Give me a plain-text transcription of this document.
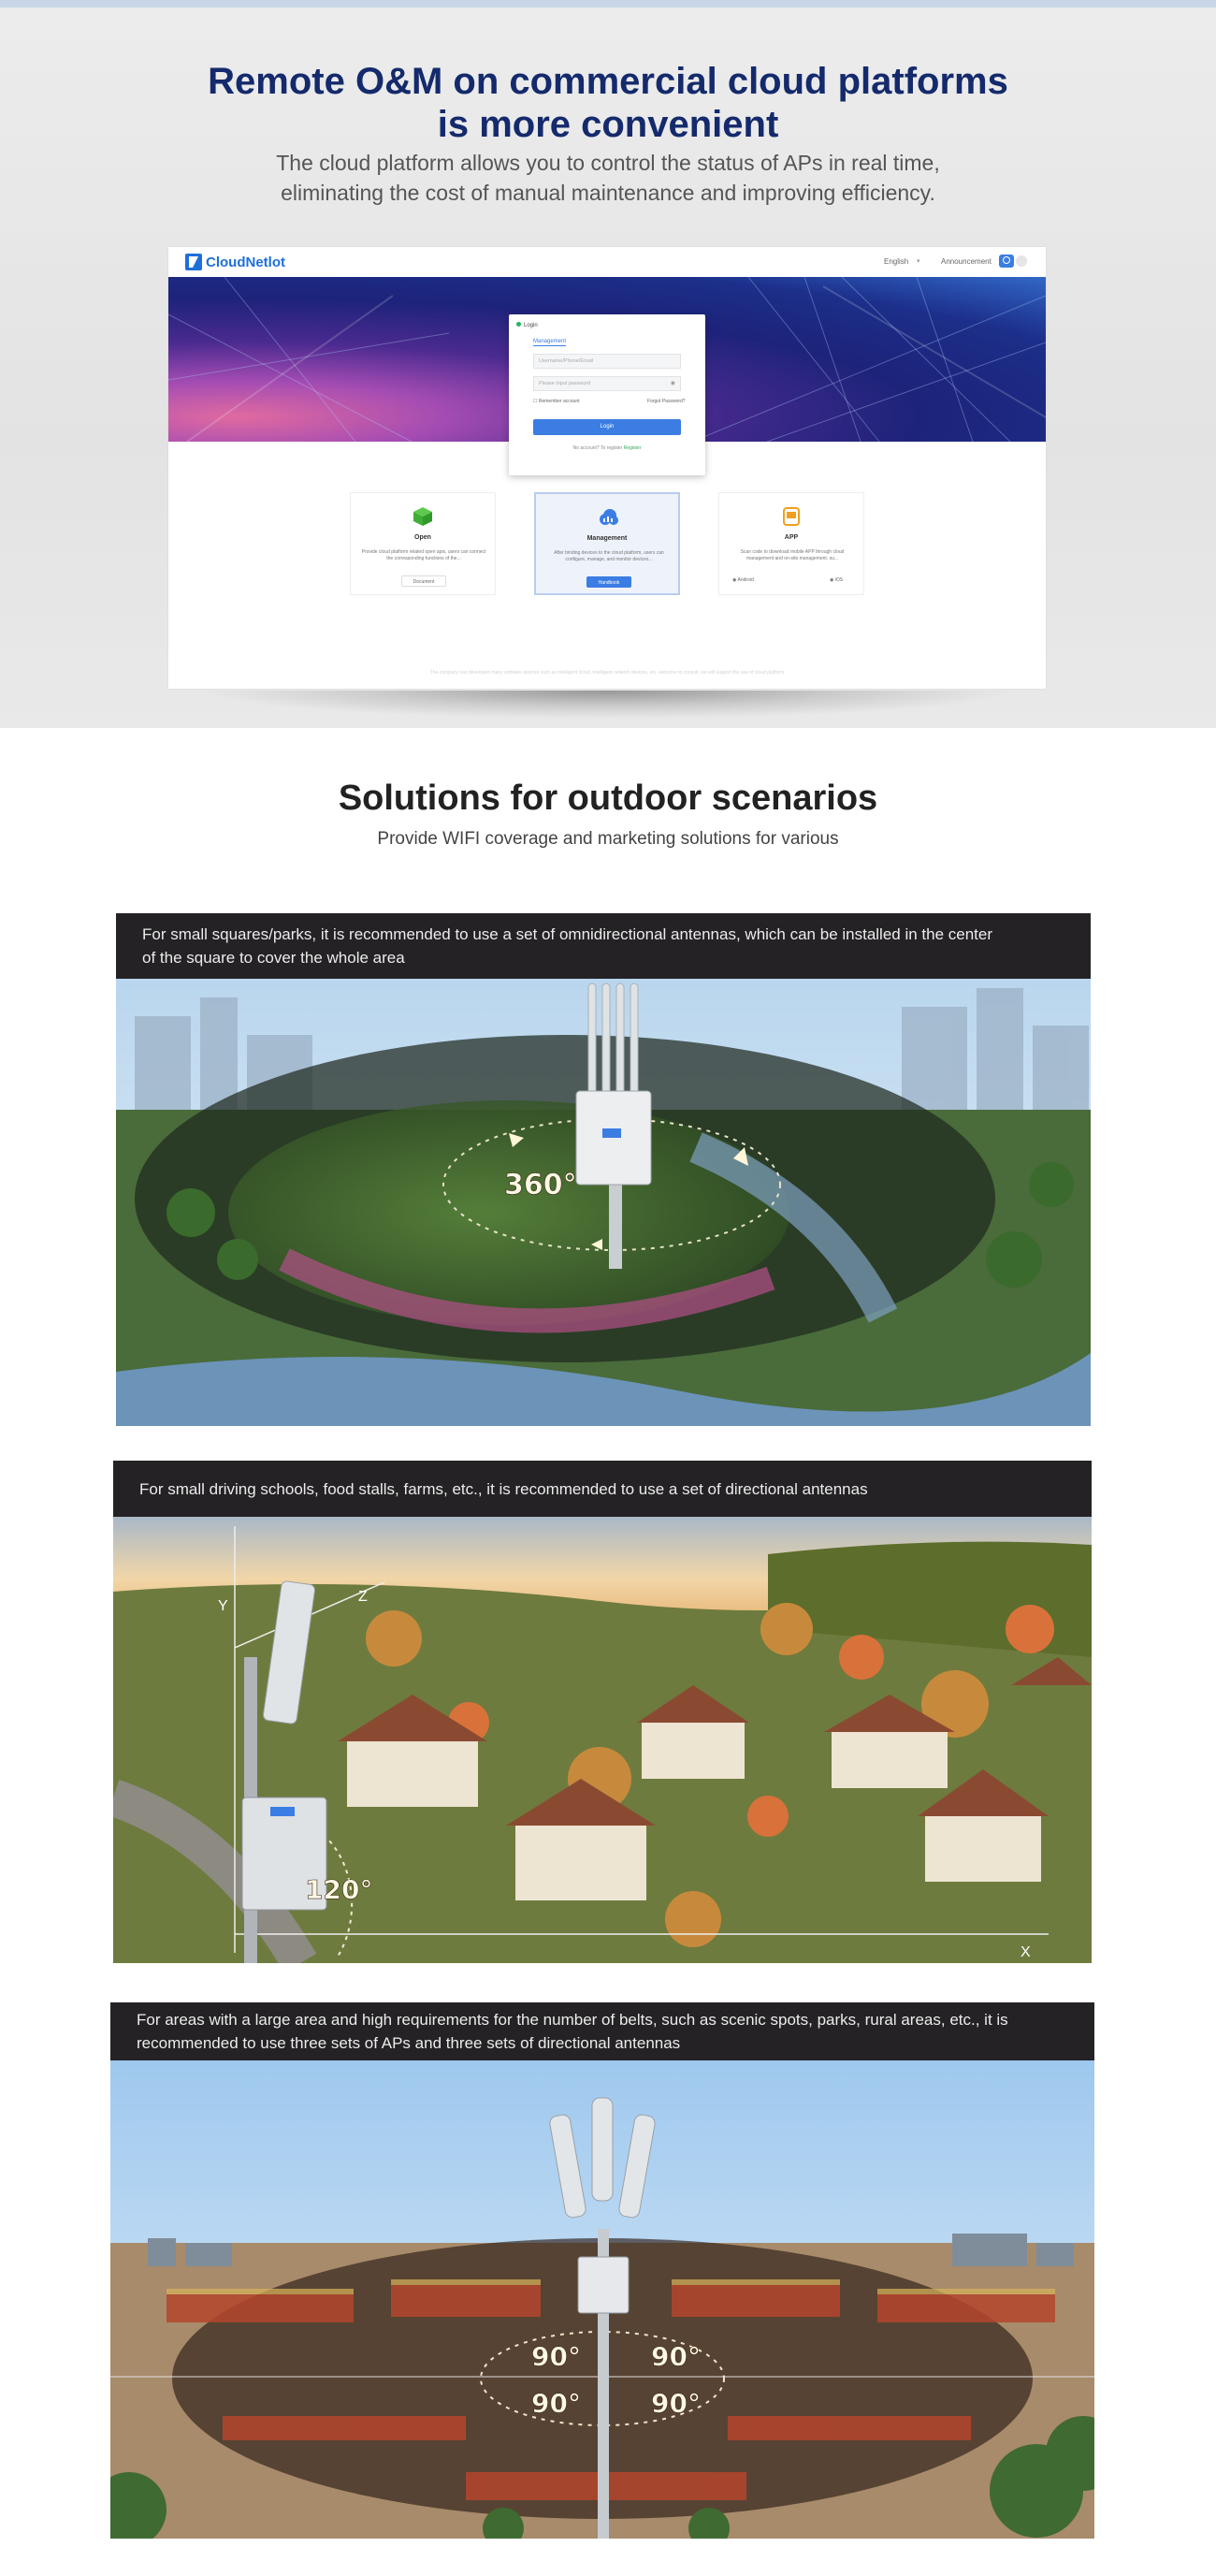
Remote O&M on commercial cloud platforms
is more convenient

The cloud platform allows you to control the status of APs in real time,
eliminating the cost of manual maintenance and improving efficiency.

CloudNetlot	English ▾	Announcement
Login
Management
Username/Phone/Email
Please input password	◉
☐ Remember account	Forgot Password?
Login
No account? To register Register
Open
Provide cloud platform related open apis, users can connect the corresponding functions of the...
Document
Management
After binding devices to the cloud platform, users can configure, manage, and monitor devices...
Handbook
APP
Scan code to download mobile APP through cloud management and on-site management, su...
◉ Android	◉ iOS
The company has developed many software devices such as intelligent cloud, intelligent network devices, etc. welcome to consult, we will support the use of cloud platform
Solutions for outdoor scenarios

Provide WIFI coverage and marketing solutions for various

For small squares/parks, it is recommended to use a set of omnidirectional antennas, which can be installed in the center
of the square to cover the whole area
360°
For small driving schools, food stalls, farms, etc., it is recommended to use a set of directional antennas
Y
Z
X
120°
For areas with a large area and high requirements for the number of belts, such as scenic spots, parks, rural areas, etc., it is
recommended to use three sets of APs and three sets of directional antennas
90°	90°
90°	90°
